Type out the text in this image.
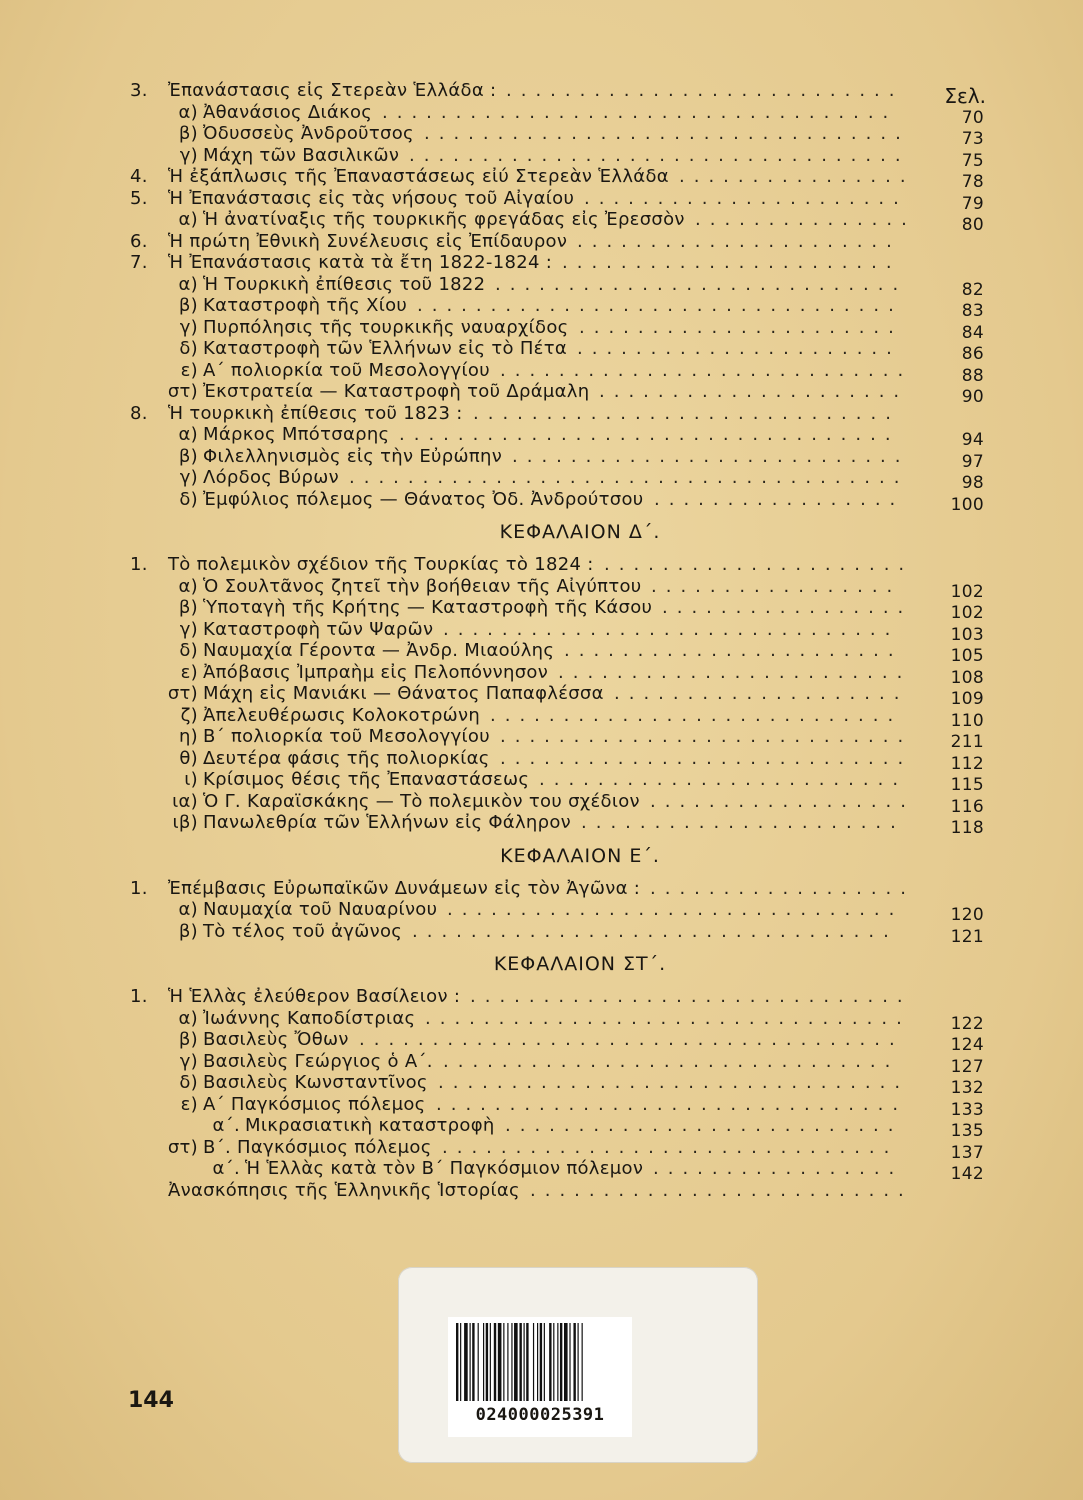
Σελ.
3.	Ἐπανάστασις εἰς Στερεὰν Ἑλλάδα : ...........................
α) Ἀθανάσιος Διάκος ...................................	70
β) Ὀδυσσεὺς Ἀνδροῦτσος .................................	73
γ) Μάχη τῶν Βασιλικῶν ..................................	75
4.	Ἡ ἐξάπλωσις τῆς Ἐπαναστάσεως εἰύ Στερεὰν Ἑλλάδα ................	78
5.	Ἡ Ἐπανάστασις εἰς τὰς νήσους τοῦ Αἰγαίου ......................	79
α) Ἡ ἀνατίναξις τῆς τουρκικῆς φρεγάδας εἰς Ἐρεσσὸν ...............	80
6.	Ἡ πρώτη Ἐθνικὴ Συνέλευσις εἰς Ἐπίδαυρον ......................
7.	Ἡ Ἐπανάστασις κατὰ τὰ ἔτη 1822-1824 : .......................
α) Ἡ Τουρκικὴ ἐπίθεσις τοῦ 1822 ............................	82
β) Καταστροφὴ τῆς Χίου .................................	83
γ) Πυρπόλησις τῆς τουρκικῆς ναυαρχίδος ......................	84
δ) Καταστροφὴ τῶν Ἑλλήνων εἰς τὸ Πέτα ......................	86
ε) Α´ πολιορκία τοῦ Μεσολογγίου ............................	88
στ) Ἐκστρατεία — Καταστροφὴ τοῦ Δράμαλη .....................	90
8.	Ἡ τουρκικὴ ἐπίθεσις τοῦ 1823 : .............................
α) Μάρκος Μπότσαρης ..................................	94
β) Φιλελληνισμὸς εἰς τὴν Εὐρώπην ...........................	97
γ) Λόρδος Βύρων ......................................	98
δ) Ἐμφύλιος πόλεμος — Θάνατος Ὀδ. Ἀνδρούτσου .................	100
ΚΕΦΑΛΑΙΟΝ Δ´.
1.	Τὸ πολεμικὸν σχέδιον τῆς Τουρκίας τὸ 1824 : .....................
α) Ὁ Σουλτᾶνος ζητεῖ τὴν βοήθειαν τῆς Αἰγύπτου .................	102
β) Ὑποταγὴ τῆς Κρήτης — Καταστροφὴ τῆς Κάσου .................	102
γ) Καταστροφὴ τῶν Ψαρῶν ...............................	103
δ) Ναυμαχία Γέροντα — Ἀνδρ. Μιαούλης .......................	105
ε) Ἀπόβασις Ἰμπραὴμ εἰς Πελοπόννησον ........................	108
στ) Μάχη εἰς Μανιάκι — Θάνατος Παπαφλέσσα ....................	109
ζ) Ἀπελευθέρωσις Κολοκοτρώνη ............................	110
η) Β´ πολιορκία τοῦ Μεσολογγίου ............................	211
θ) Δευτέρα φάσις τῆς πολιορκίας ............................	112
ι) Κρίσιμος θέσις τῆς Ἐπαναστάσεως .........................	115
ια) Ὁ Γ. Καραϊσκάκης — Τὸ πολεμικὸν του σχέδιον ..................	116
ιβ) Πανωλεθρία τῶν Ἑλλήνων εἰς Φάληρον ......................	118
ΚΕΦΑΛΑΙΟΝ Ε´.
1.	Ἐπέμβασις Εὐρωπαϊκῶν Δυνάμεων εἰς τὸν Ἀγῶνα : ..................
α) Ναυμαχία τοῦ Ναυαρίνου ...............................	120
β) Τὸ τέλος τοῦ ἀγῶνος .................................	121
ΚΕΦΑΛΑΙΟΝ ΣΤ´.
1.	Ἡ Ἑλλὰς ἐλεύθερον Βασίλειον : ..............................
α) Ἰωάννης Καποδίστριας .................................	122
β) Βασιλεὺς Ὄθων .....................................	124
γ) Βασιλεὺς Γεώργιος ὁ Α´. ...............................	127
δ) Βασιλεὺς Κωνσταντῖνος ................................	132
ε) Α´ Παγκόσμιος πόλεμος ................................	133
α´. Μικρασιατικὴ καταστροφὴ ...........................	135
στ) Β´. Παγκόσμιος πόλεμος ...............................	137
α´. Ἡ Ἑλλὰς κατὰ τὸν Β´ Παγκόσμιον πόλεμον .................	142
Ἀνασκόπησις τῆς Ἑλληνικῆς Ἱστορίας ..........................
144
024000025391
